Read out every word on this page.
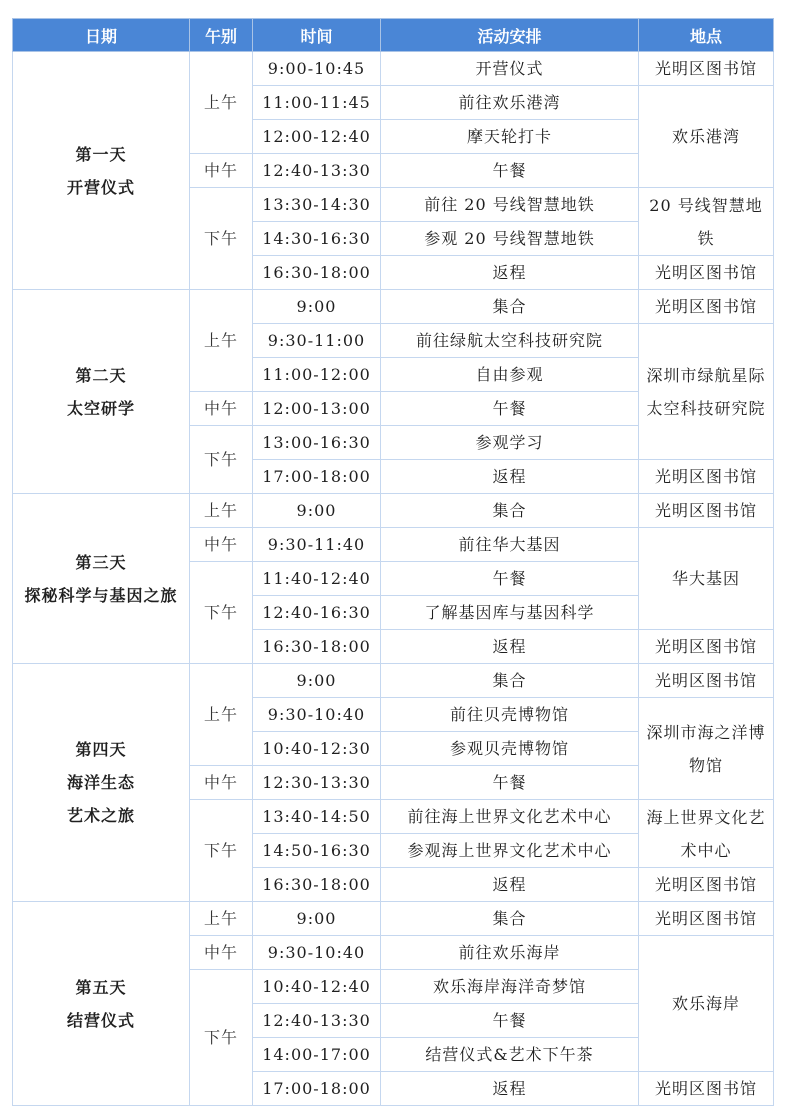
日期	午别	时间	活动安排	地点

第一天
开营仪式	上午	9:00-10:45	开营仪式	光明区图书馆
		11:00-11:45	前往欢乐港湾	欢乐港湾
		12:00-12:40	摩天轮打卡	
	中午	12:40-13:30	午餐	
	下午	13:30-14:30	前往 20 号线智慧地铁	20 号线智慧地铁
		14:30-16:30	参观 20 号线智慧地铁	
		16:30-18:00	返程	光明区图书馆

第二天
太空研学	上午	9:00	集合	光明区图书馆
		9:30-11:00	前往绿航太空科技研究院	深圳市绿航星际太空科技研究院
		11:00-12:00	自由参观	
	中午	12:00-13:00	午餐	
	下午	13:00-16:30	参观学习	
		17:00-18:00	返程	光明区图书馆

第三天
探秘科学与基因之旅	上午	9:00	集合	光明区图书馆
	中午	9:30-11:40	前往华大基因	华大基因
	下午	11:40-12:40	午餐	
		12:40-16:30	了解基因库与基因科学	
		16:30-18:00	返程	光明区图书馆

第四天
海洋生态
艺术之旅	上午	9:00	集合	光明区图书馆
		9:30-10:40	前往贝壳博物馆	深圳市海之洋博物馆
		10:40-12:30	参观贝壳博物馆	
	中午	12:30-13:30	午餐	
	下午	13:40-14:50	前往海上世界文化艺术中心	海上世界文化艺术中心
		14:50-16:30	参观海上世界文化艺术中心	
		16:30-18:00	返程	光明区图书馆

第五天
结营仪式	上午	9:00	集合	光明区图书馆
	中午	9:30-10:40	前往欢乐海岸	欢乐海岸
	下午	10:40-12:40	欢乐海岸海洋奇梦馆	
		12:40-13:30	午餐	
		14:00-17:00	结营仪式&艺术下午茶	
		17:00-18:00	返程	光明区图书馆
